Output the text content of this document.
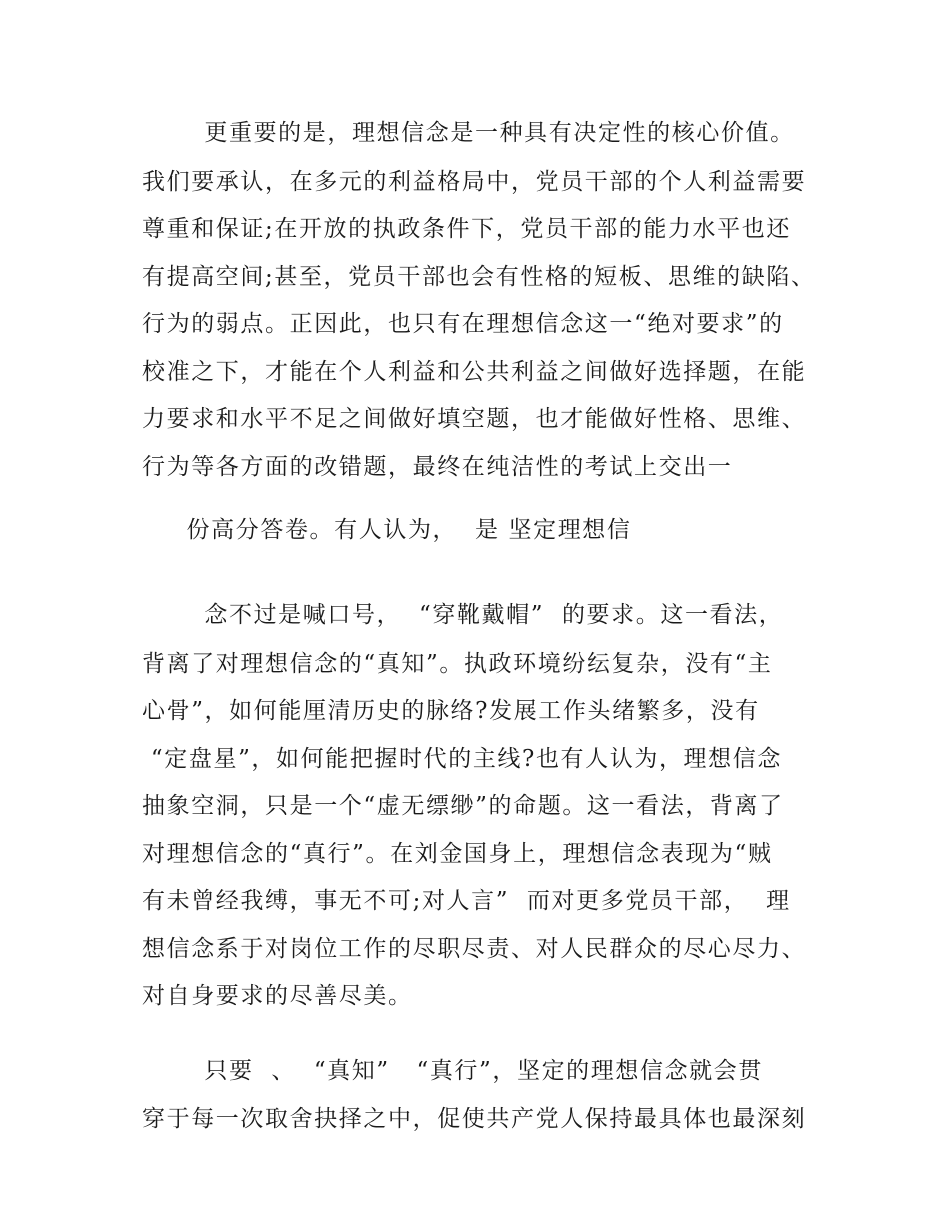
更重要的是，理想信念是一种具有决定性的核心价值。
我们要承认，在多元的利益格局中，党员干部的个人利益需要
尊重和保证;在开放的执政条件下，党员干部的能力水平也还
有提高空间;甚至，党员干部也会有性格的短板、思维的缺陷、
行为的弱点。正因此，也只有在理想信念这一“绝对要求”的
校准之下，才能在个人利益和公共利益之间做好选择题，在能
力要求和水平不足之间做好填空题，也才能做好性格、思维、
行为等各方面的改错题，最终在纯洁性的考试上交出一
份高分答卷。有人认为，  是 坚定理想信
念不过是喊口号，  “穿靴戴帽”  的要求。这一看法，
背离了对理想信念的“真知”。执政环境纷纭复杂，没有“主
心骨”，如何能厘清历史的脉络?发展工作头绪繁多，没有
“定盘星”，如何能把握时代的主线?也有人认为，理想信念
抽象空洞，只是一个“虚无缥缈”的命题。这一看法，背离了
对理想信念的“真行”。在刘金国身上，理想信念表现为“贼
有未曾经我缚，事无不可;对人言”  而对更多党员干部，  理
想信念系于对岗位工作的尽职尽责、对人民群众的尽心尽力、
对自身要求的尽善尽美。
只要  、  “真知”   “真行”，坚定的理想信念就会贯
穿于每一次取舍抉择之中，促使共产党人保持最具体也最深刻
